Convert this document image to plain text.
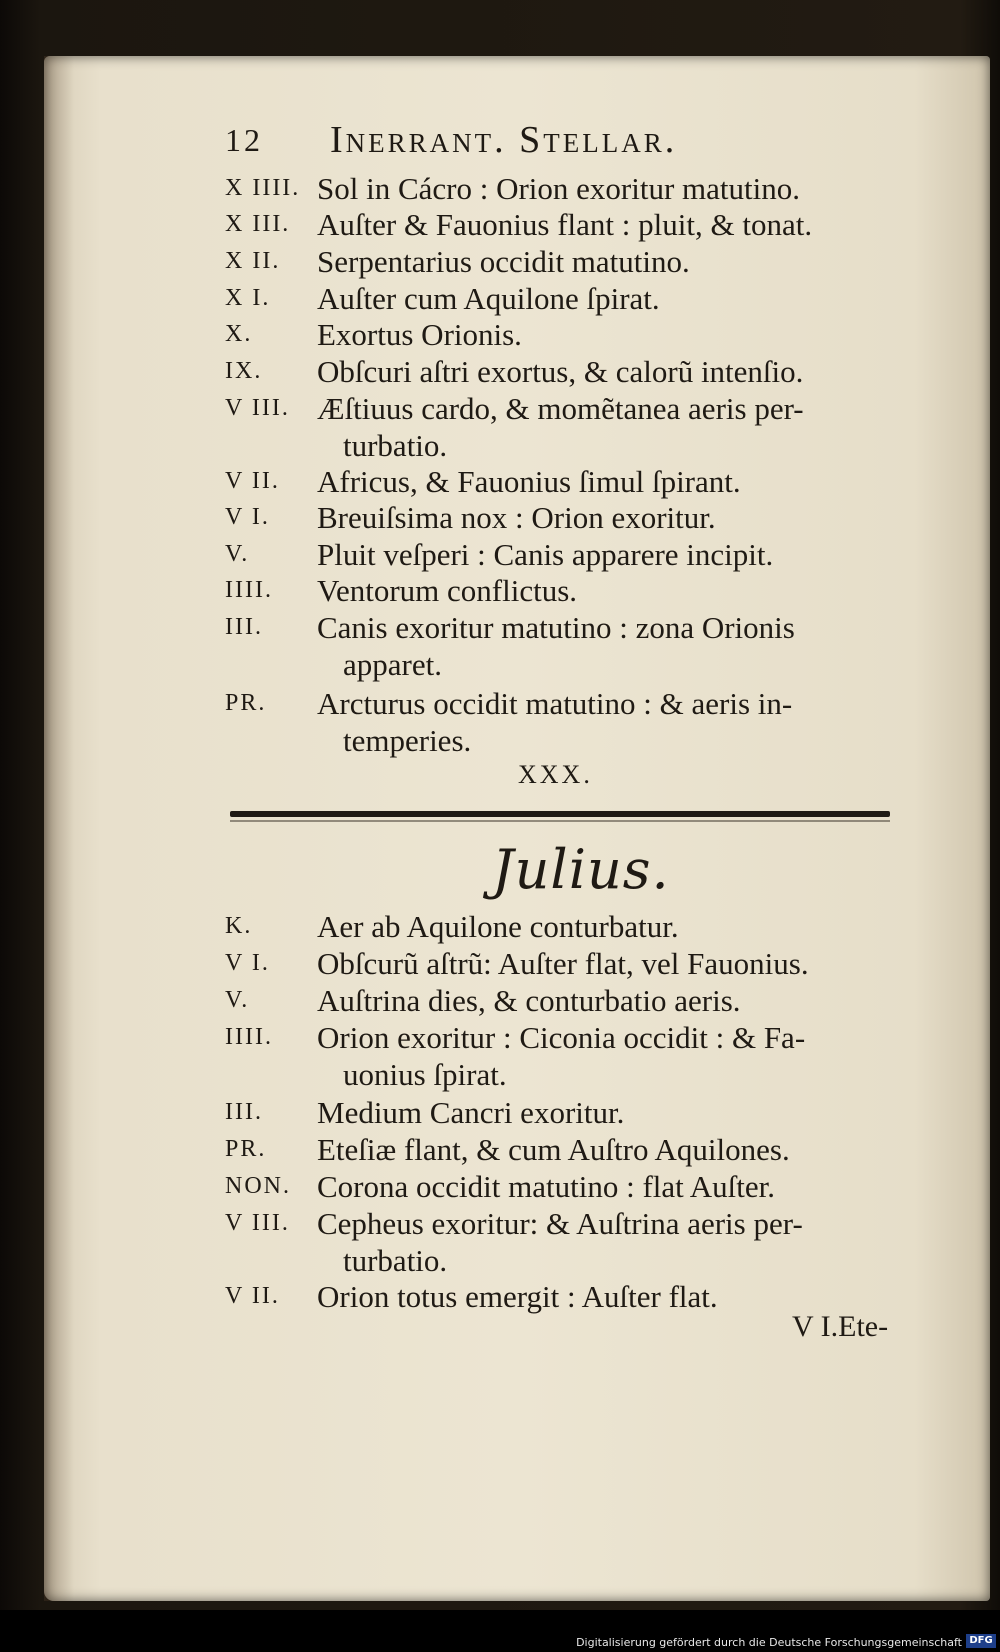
12 Inerrant. Stellar.
X IIII. Sol in Cácro : Orion exoritur matutino.
X III. Auſter & Fauonius flant : pluit, & tonat.
X II. Serpentarius occidit matutino.
X I. Auſter cum Aquilone ſpirat.
X. Exortus Orionis.
IX. Obſcuri aſtri exortus, & calorũ intenſio.
V III. Æſtiuus cardo, & momẽtanea aeris per-
turbatio.
V II. Africus, & Fauonius ſimul ſpirant.
V I. Breuiſsima nox : Orion exoritur.
V. Pluit veſperi : Canis apparere incipit.
IIII. Ventorum conflictus.
III. Canis exoritur matutino : zona Orionis
apparet.
PR. Arcturus occidit matutino : & aeris in-
temperies.
XXX.
Julius.
K. Aer ab Aquilone conturbatur.
V I. Obſcurũ aſtrũ: Auſter flat, vel Fauonius.
V. Auſtrina dies, & conturbatio aeris.
IIII. Orion exoritur : Ciconia occidit : & Fa-
uonius ſpirat.
III. Medium Cancri exoritur.
PR. Eteſiæ flant, & cum Auſtro Aquilones.
NON. Corona occidit matutino : flat Auſter.
V III. Cepheus exoritur: & Auſtrina aeris per-
turbatio.
V II. Orion totus emergit : Auſter flat.
V I.Ete-
Digitalisierung gefördert durch die Deutsche Forschungsgemeinschaft DFG
